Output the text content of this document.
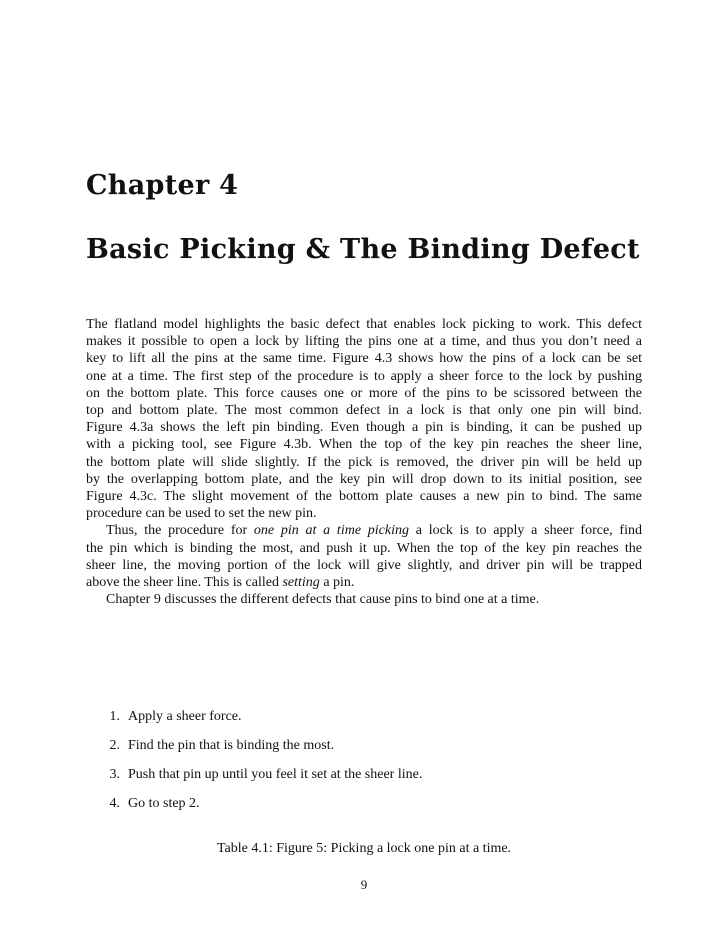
Chapter 4
Basic Picking & The Binding Defect

The flatland model highlights the basic defect that enables lock picking to work. This defect
makes it possible to open a lock by lifting the pins one at a time, and thus you don’t need a
key to lift all the pins at the same time. Figure 4.3 shows how the pins of a lock can be set
one at a time. The first step of the procedure is to apply a sheer force to the lock by pushing
on the bottom plate. This force causes one or more of the pins to be scissored between the
top and bottom plate. The most common defect in a lock is that only one pin will bind.
Figure 4.3a shows the left pin binding. Even though a pin is binding, it can be pushed up
with a picking tool, see Figure 4.3b. When the top of the key pin reaches the sheer line,
the bottom plate will slide slightly. If the pick is removed, the driver pin will be held up
by the overlapping bottom plate, and the key pin will drop down to its initial position, see
Figure 4.3c. The slight movement of the bottom plate causes a new pin to bind. The same
procedure can be used to set the new pin.

Thus, the procedure for one pin at a time picking a lock is to apply a sheer force, find
the pin which is binding the most, and push it up. When the top of the key pin reaches the
sheer line, the moving portion of the lock will give slightly, and driver pin will be trapped
above the sheer line. This is called setting a pin.

Chapter 9 discusses the different defects that cause pins to bind one at a time.

1. Apply a sheer force.
2. Find the pin that is binding the most.
3. Push that pin up until you feel it set at the sheer line.
4. Go to step 2.
Table 4.1: Figure 5: Picking a lock one pin at a time.
9
